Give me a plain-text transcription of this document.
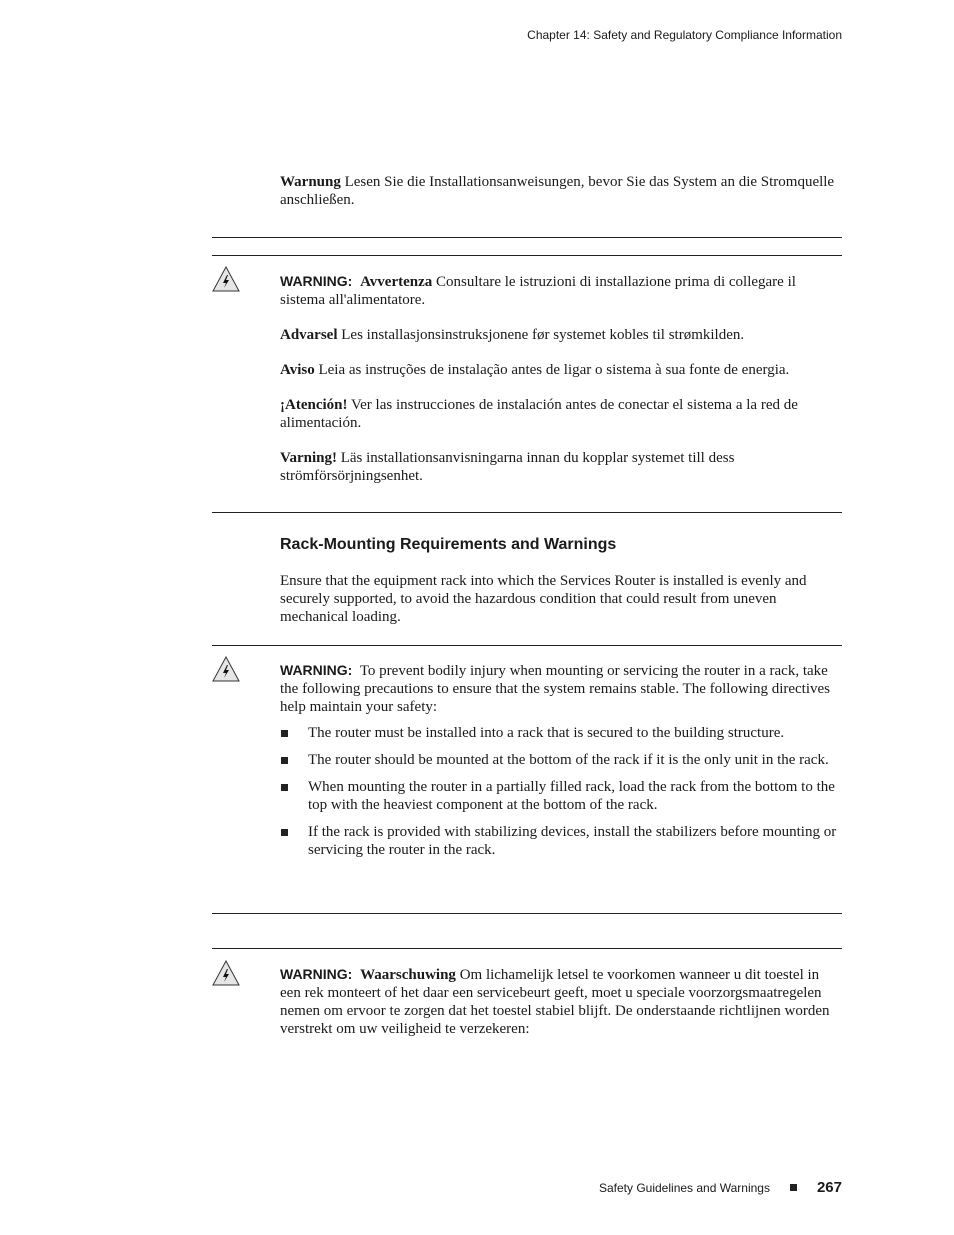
Chapter 14: Safety and Regulatory Compliance Information
Warnung Lesen Sie die Installationsanweisungen, bevor Sie das System an die Stromquelle anschließen.

WARNING: Avvertenza Consultare le istruzioni di installazione prima di collegare il sistema all'alimentatore.

Advarsel Les installasjonsinstruksjonene før systemet kobles til strømkilden.

Aviso Leia as instruções de instalação antes de ligar o sistema à sua fonte de energia.

¡Atención! Ver las instrucciones de instalación antes de conectar el sistema a la red de alimentación.

Varning! Läs installationsanvisningarna innan du kopplar systemet till dess strömförsörjningsenhet.

Rack-Mounting Requirements and Warnings
Ensure that the equipment rack into which the Services Router is installed is evenly and securely supported, to avoid the hazardous condition that could result from uneven mechanical loading.

WARNING: To prevent bodily injury when mounting or servicing the router in a rack, take the following precautions to ensure that the system remains stable. The following directives help maintain your safety:

The router must be installed into a rack that is secured to the building structure.
The router should be mounted at the bottom of the rack if it is the only unit in the rack.
When mounting the router in a partially filled rack, load the rack from the bottom to the top with the heaviest component at the bottom of the rack.
If the rack is provided with stabilizing devices, install the stabilizers before mounting or servicing the router in the rack.
WARNING: Waarschuwing Om lichamelijk letsel te voorkomen wanneer u dit toestel in een rek monteert of het daar een servicebeurt geeft, moet u speciale voorzorgsmaatregelen nemen om ervoor te zorgen dat het toestel stabiel blijft. De onderstaande richtlijnen worden verstrekt om uw veiligheid te verzekeren:
Safety Guidelines and Warnings	267
